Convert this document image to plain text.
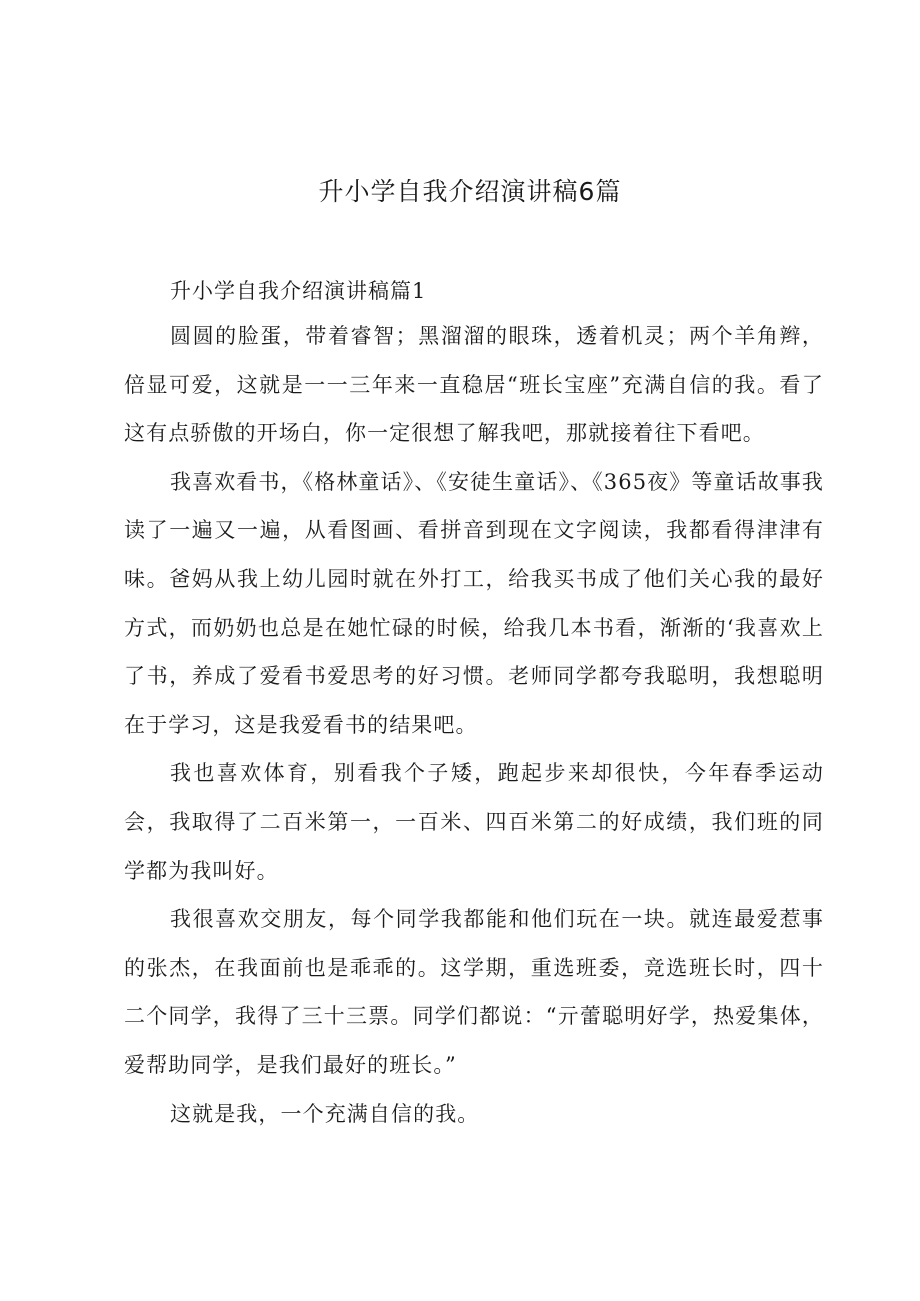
升小学自我介绍演讲稿6篇
升小学自我介绍演讲稿篇1

圆圆的脸蛋，带着睿智；黑溜溜的眼珠，透着机灵；两个羊角辫，倍显可爱，这就是一一三年来一直稳居“班长宝座”充满自信的我。看了这有点骄傲的开场白，你一定很想了解我吧，那就接着往下看吧。

我喜欢看书，《格林童话》、《安徒生童话》、《365夜》等童话故事我读了一遍又一遍，从看图画、看拼音到现在文字阅读，我都看得津津有味。爸妈从我上幼儿园时就在外打工，给我买书成了他们关心我的最好方式，而奶奶也总是在她忙碌的时候，给我几本书看，渐渐的‘我喜欢上了书，养成了爱看书爱思考的好习惯。老师同学都夸我聪明，我想聪明在于学习，这是我爱看书的结果吧。

我也喜欢体育，别看我个子矮，跑起步来却很快，今年春季运动会，我取得了二百米第一，一百米、四百米第二的好成绩，我们班的同学都为我叫好。

我很喜欢交朋友，每个同学我都能和他们玩在一块。就连最爱惹事的张杰，在我面前也是乖乖的。这学期，重选班委，竞选班长时，四十二个同学，我得了三十三票。同学们都说：“亓蕾聪明好学，热爱集体，爱帮助同学，是我们最好的班长。”

这就是我，一个充满自信的我。
